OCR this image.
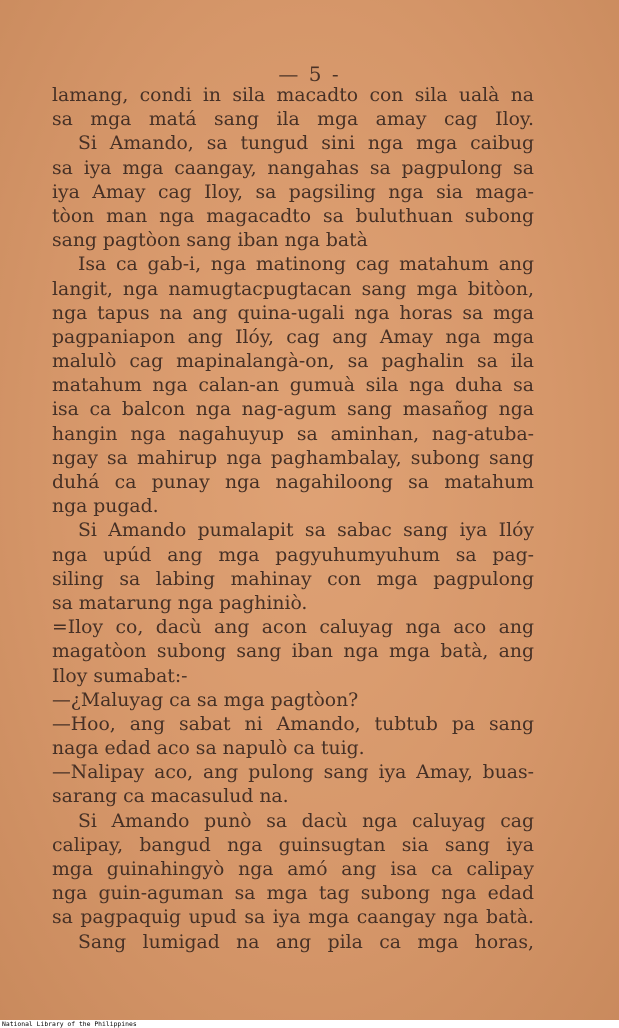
— 5 -
lamang, condi in sila macadto con sila ualà na
sa mga matá sang ila mga amay cag Iloy.
Si Amando, sa tungud sini nga mga caibug
sa iya mga caangay, nangahas sa pagpulong sa
iya Amay cag Iloy, sa pagsiling nga sia maga-
tòon man nga magacadto sa buluthuan subong
sang pagtòon sang iban nga batà
Isa ca gab-i, nga matinong cag matahum ang
langit, nga namugtacpugtacan sang mga bitòon,
nga tapus na ang quina-ugali nga horas sa mga
pagpaniapon ang Ilóy, cag ang Amay nga mga
malulò cag mapinalangà-on, sa paghalin sa ila
matahum nga calan-an gumuà sila nga duha sa
isa ca balcon nga nag-agum sang masañog nga
hangin nga nagahuyup sa aminhan, nag-atuba-
ngay sa mahirup nga paghambalay, subong sang
duhá ca punay nga nagahiloong sa matahum
nga pugad.
Si Amando pumalapit sa sabac sang iya Ilóy
nga upúd ang mga pagyuhumyuhum sa pag-
siling sa labing mahinay con mga pagpulong
sa matarung nga paghiniò.
=Iloy co, dacù ang acon caluyag nga aco ang
magatòon subong sang iban nga mga batà, ang
Iloy sumabat:-
—¿Maluyag ca sa mga pagtòon?
—Hoo, ang sabat ni Amando, tubtub pa sang
naga edad aco sa napulò ca tuig.
—Nalipay aco, ang pulong sang iya Amay, buas-
sarang ca macasulud na.
Si Amando punò sa dacù nga caluyag cag
calipay, bangud nga guinsugtan sia sang iya
mga guinahingyò nga amó ang isa ca calipay
nga guin-aguman sa mga tag subong nga edad
sa pagpaquig upud sa iya mga caangay nga batà.
Sang lumigad na ang pila ca mga horas,
National Library of the Philippines
